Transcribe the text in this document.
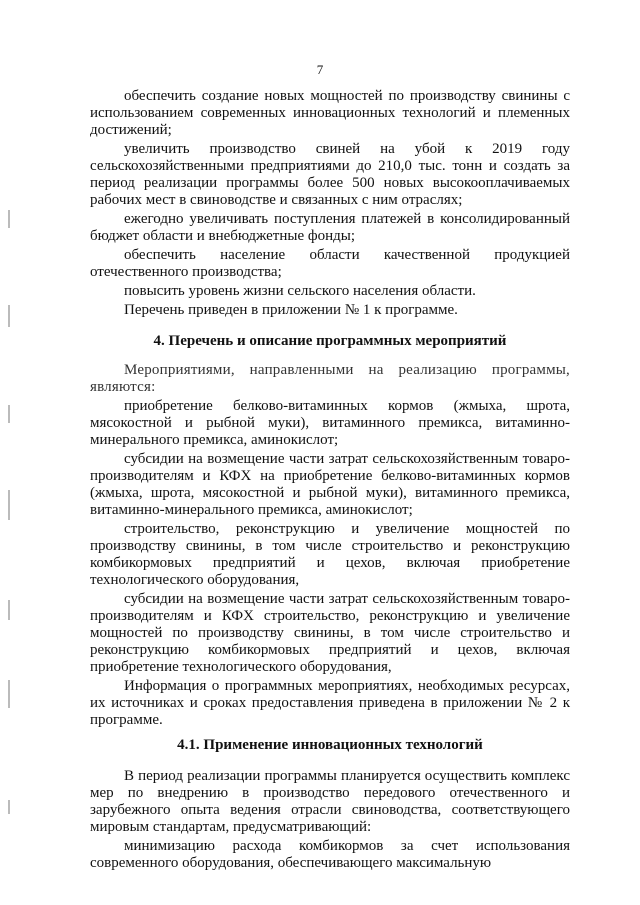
7

обеспечить создание новых мощностей по производству свинины с использованием современных инновационных технологий и племенных достижений;

увеличить производство свиней на убой к 2019 году сельскохозяйственными предприятиями до 210,0 тыс. тонн и создать за период реализации программы более 500 новых высокооплачиваемых рабочих мест в свиноводстве и связанных с ним отраслях;

ежегодно увеличивать поступления платежей в консолидированный бюджет области и внебюджетные фонды;

обеспечить население области качественной продукцией отечественного производства;

повысить уровень жизни сельского населения области.

Перечень приведен в приложении № 1 к программе.

4. Перечень и описание программных мероприятий

Мероприятиями, направленными на реализацию программы, являются:

приобретение белково-витаминных кормов (жмыха, шрота, мясокостной и рыбной муки), витаминного премикса, витаминно-минерального премикса, аминокислот;

субсидии на возмещение части затрат сельскохозяйственным товаро-производителям и КФХ на приобретение белково-витаминных кормов (жмыха, шрота, мясокостной и рыбной муки), витаминного премикса, витаминно-минерального премикса, аминокислот;

строительство, реконструкцию и увеличение мощностей по производству свинины, в том числе строительство и реконструкцию комбикормовых предприятий и цехов, включая приобретение технологического оборудования,

субсидии на возмещение части затрат сельскохозяйственным товаро-производителям и КФХ строительство, реконструкцию и увеличение мощностей по производству свинины, в том числе строительство и реконструкцию комбикормовых предприятий и цехов, включая приобретение технологического оборудования,

Информация о программных мероприятиях, необходимых ресурсах, их источниках и сроках предоставления приведена в приложении № 2 к программе.

4.1. Применение инновационных технологий

В период реализации программы планируется осуществить комплекс мер по внедрению в производство передового отечественного и зарубежного опыта ведения отрасли свиноводства, соответствующего мировым стандартам, предусматривающий:

минимизацию расхода комбикормов за счет использования современного оборудования, обеспечивающего максимальную
